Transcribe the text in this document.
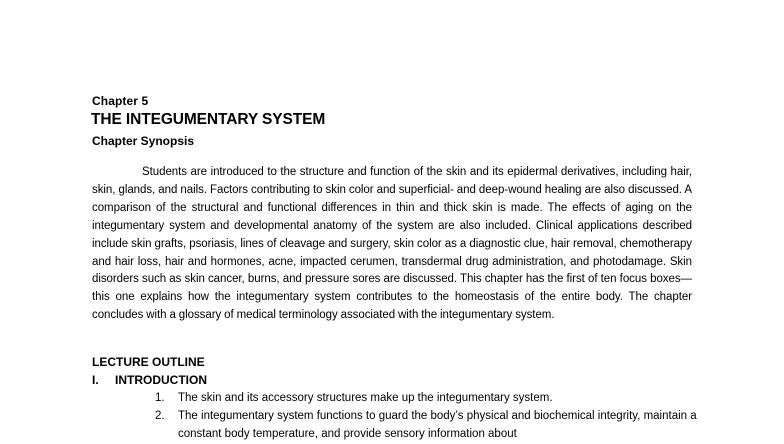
Chapter 5
THE INTEGUMENTARY SYSTEM
Chapter Synopsis

Students are introduced to the structure and function of the skin and its epidermal derivatives, including hair, skin, glands, and nails. Factors contributing to skin color and superficial- and deep-wound healing are also discussed. A comparison of the structural and functional differences in thin and thick skin is made. The effects of aging on the integumentary system and developmental anatomy of the system are also included. Clinical applications described include skin grafts, psoriasis, lines of cleavage and surgery, skin color as a diagnostic clue, hair removal, chemotherapy and hair loss, hair and hormones, acne, impacted cerumen, transdermal drug administration, and photodamage. Skin disorders such as skin cancer, burns, and pressure sores are discussed. This chapter has the first of ten focus boxes—this one explains how the integumentary system contributes to the homeostasis of the entire body. The chapter concludes with a glossary of medical terminology associated with the integumentary system.

LECTURE OUTLINE
I. INTRODUCTION
1. The skin and its accessory structures make up the integumentary system.
2. The integumentary system functions to guard the body’s physical and biochemical integrity, maintain a constant body temperature, and provide sensory information about
